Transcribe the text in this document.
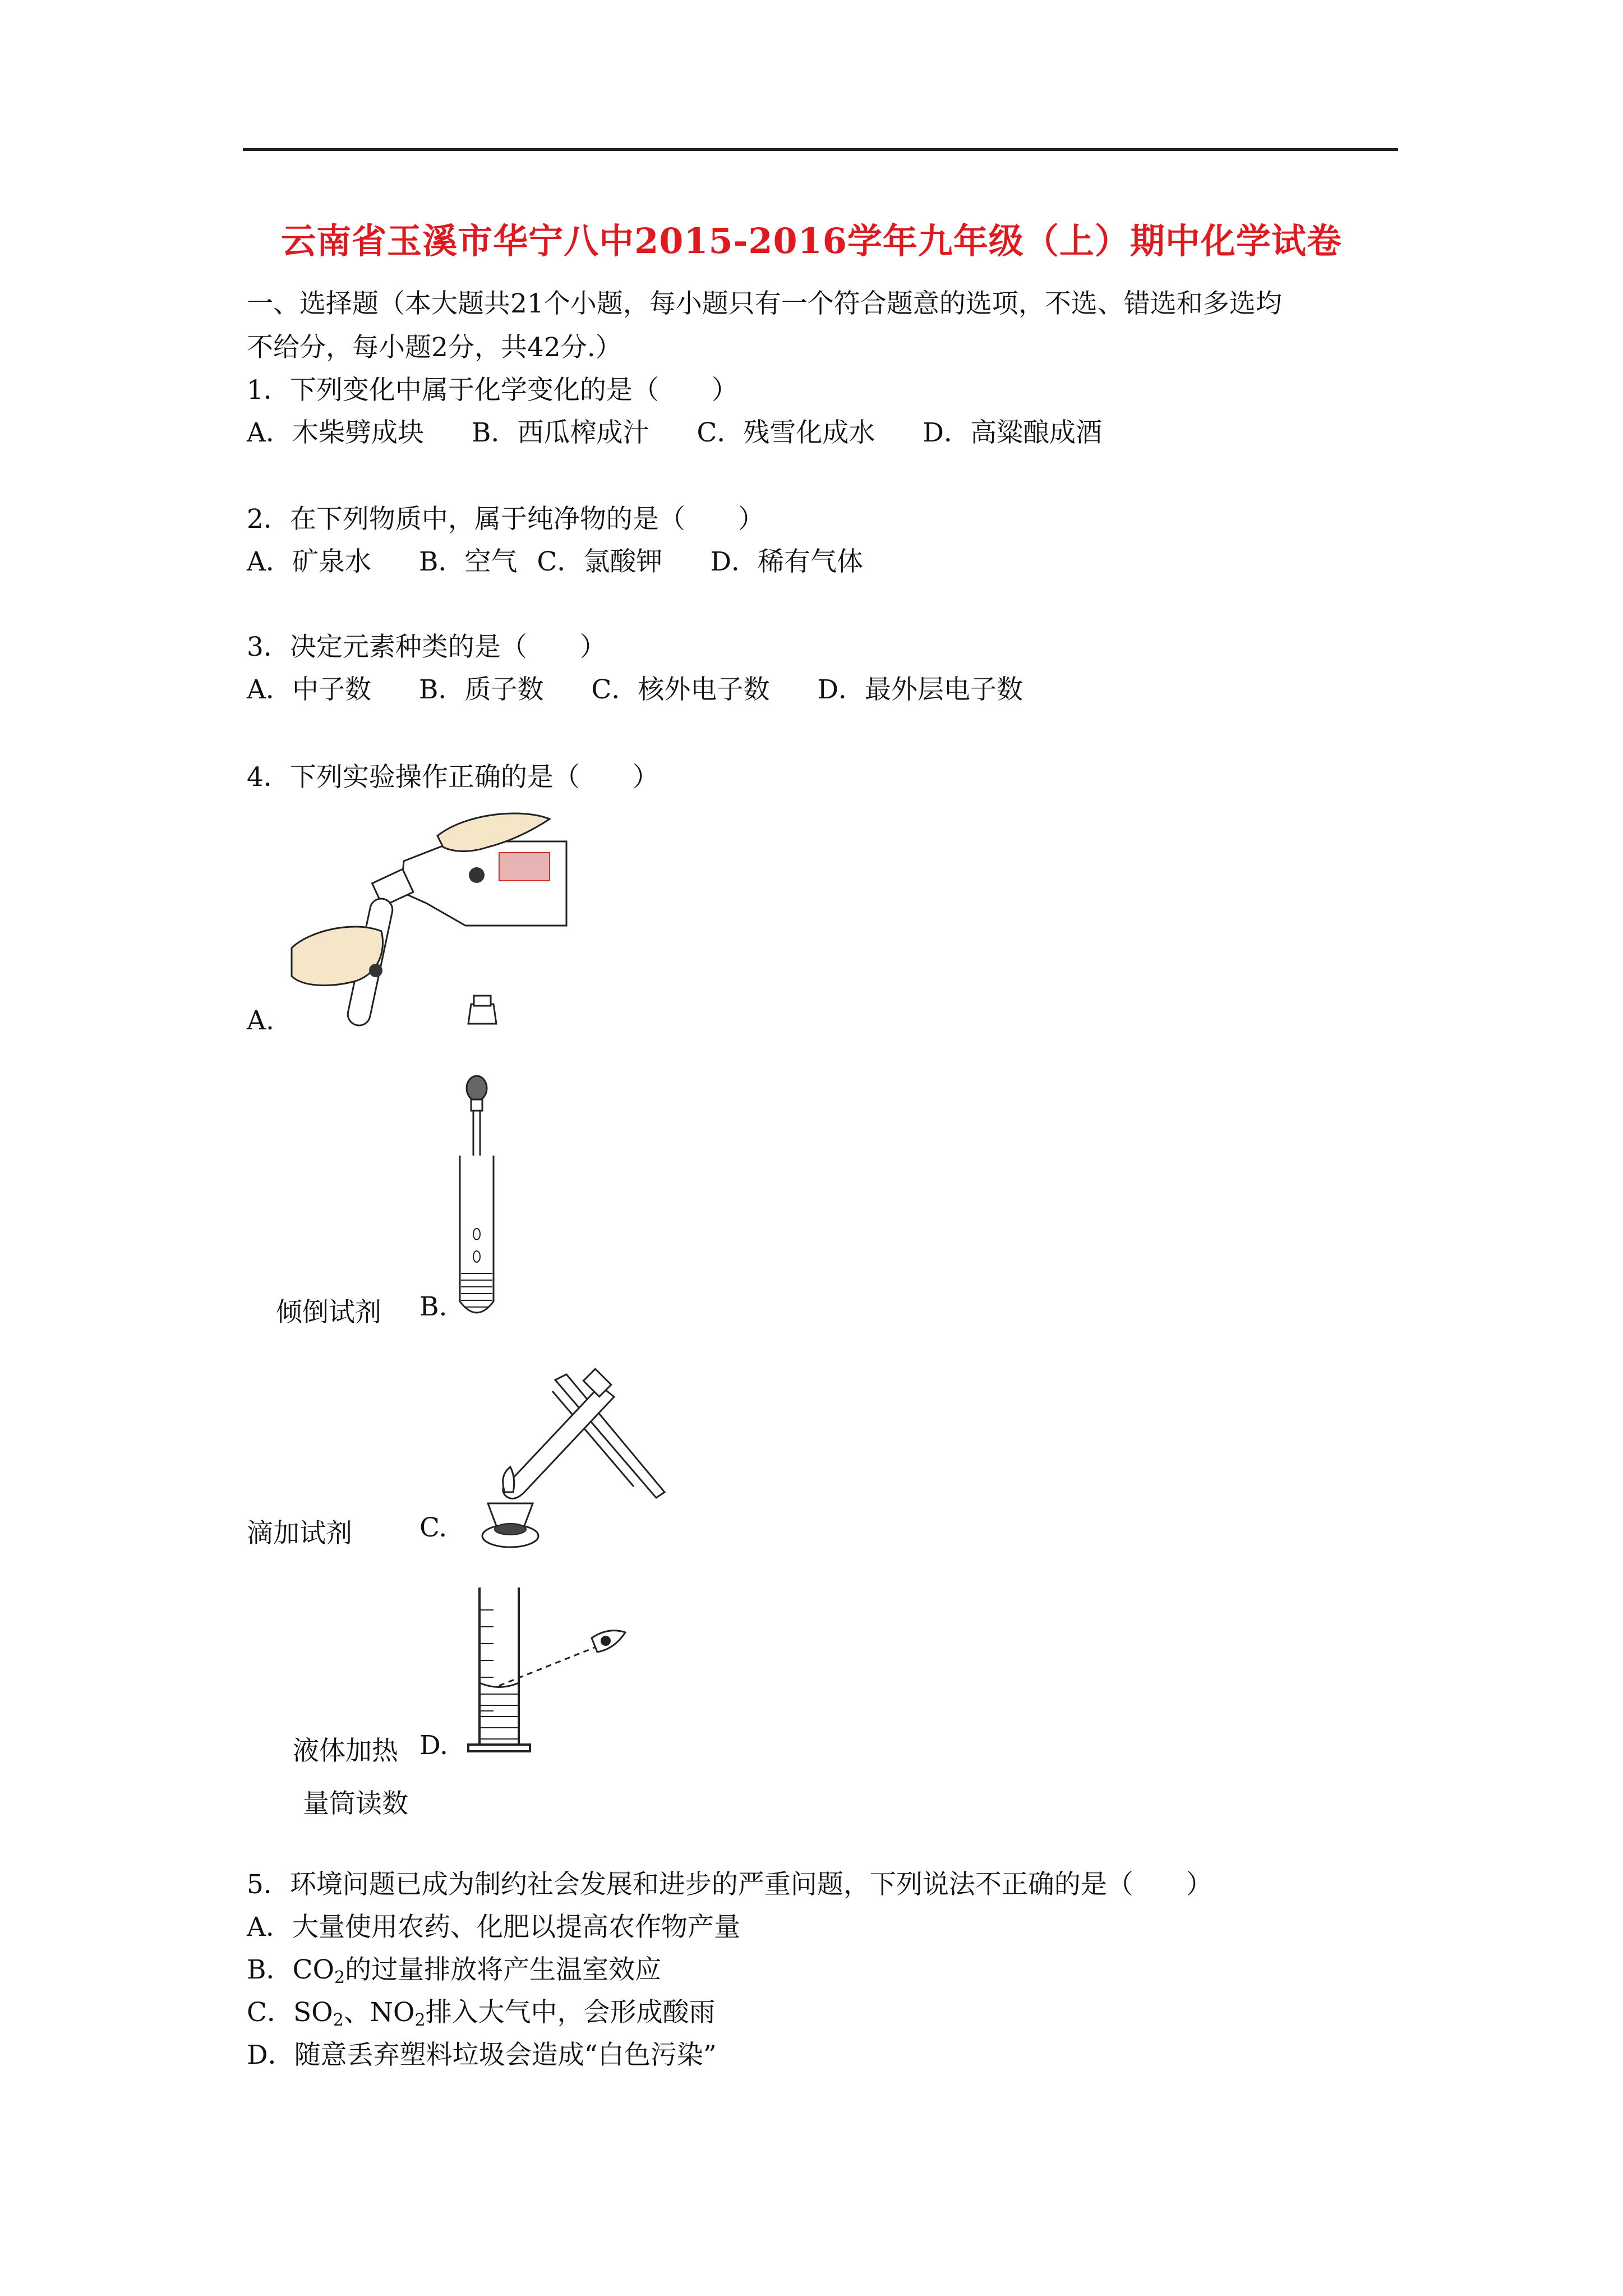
云南省玉溪市华宁八中2015-2016学年九年级（上）期中化学试卷
一、选择题（本大题共21个小题，每小题只有一个符合题意的选项，不选、错选和多选均
不给分，每小题2分，共42分.）
1．下列变化中属于化学变化的是（　　）
A．木柴劈成块 B．西瓜榨成汁 C．残雪化成水 D．高粱酿成酒
2．在下列物质中，属于纯净物的是（　　）
A．矿泉水 B．空气 C．氯酸钾 D．稀有气体
3．决定元素种类的是（　　）
A．中子数 B．质子数 C．核外电子数 D．最外层电子数
4．下列实验操作正确的是（　　）
A.
倾倒试剂 B.
滴加试剂	C.
液体加热 D.
量筒读数
5．环境问题已成为制约社会发展和进步的严重问题，下列说法不正确的是（　　）
A．大量使用农药、化肥以提高农作物产量
B．$CO_2$的过量排放将产生温室效应
C．$SO_2$、$NO_2$排入大气中，会形成酸雨
D．随意丢弃塑料垃圾会造成“白色污染”
